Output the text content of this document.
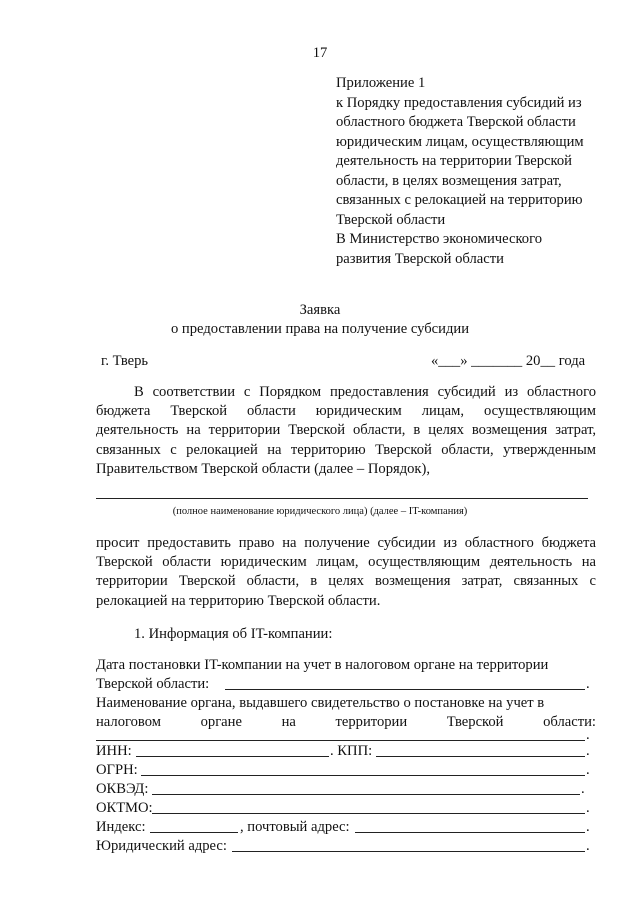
17
Приложение 1
к Порядку предоставления субсидий из
областного бюджета Тверской области
юридическим лицам, осуществляющим
деятельность на территории Тверской
области, в целях возмещения затрат,
связанных с релокацией на территорию
Тверской области
В Министерство экономического
развития Тверской области
Заявка
о предоставлении права на получение субсидии
г. Тверь	«___» _______ 20__ года
В соответствии с Порядком предоставления субсидий из областного бюджета Тверской области юридическим лицам, осуществляющим деятельность на территории Тверской области, в целях возмещения затрат, связанных с релокацией на территорию Тверской области, утвержденным Правительством Тверской области (далее – Порядок),
(полное наименование юридического лица) (далее – IT-компания)
просит предоставить право на получение субсидии из областного бюджета Тверской области юридическим лицам, осуществляющим деятельность на территории Тверской области, в целях возмещения затрат, связанных с релокацией на территорию Тверской области.
1. Информация об IT-компании:
Дата постановки IT-компании на учет в налоговом органе на территории
Тверской области:	.
Наименование органа, выдавшего свидетельство о постановке на учет в
налоговом	органе	на	территории	Тверской	области:
.
ИНН:	. КПП:	.
ОГРН:	.
ОКВЭД:	.
ОКТМО:	.
Индекс:	, почтовый адрес:	.
Юридический адрес:	.
